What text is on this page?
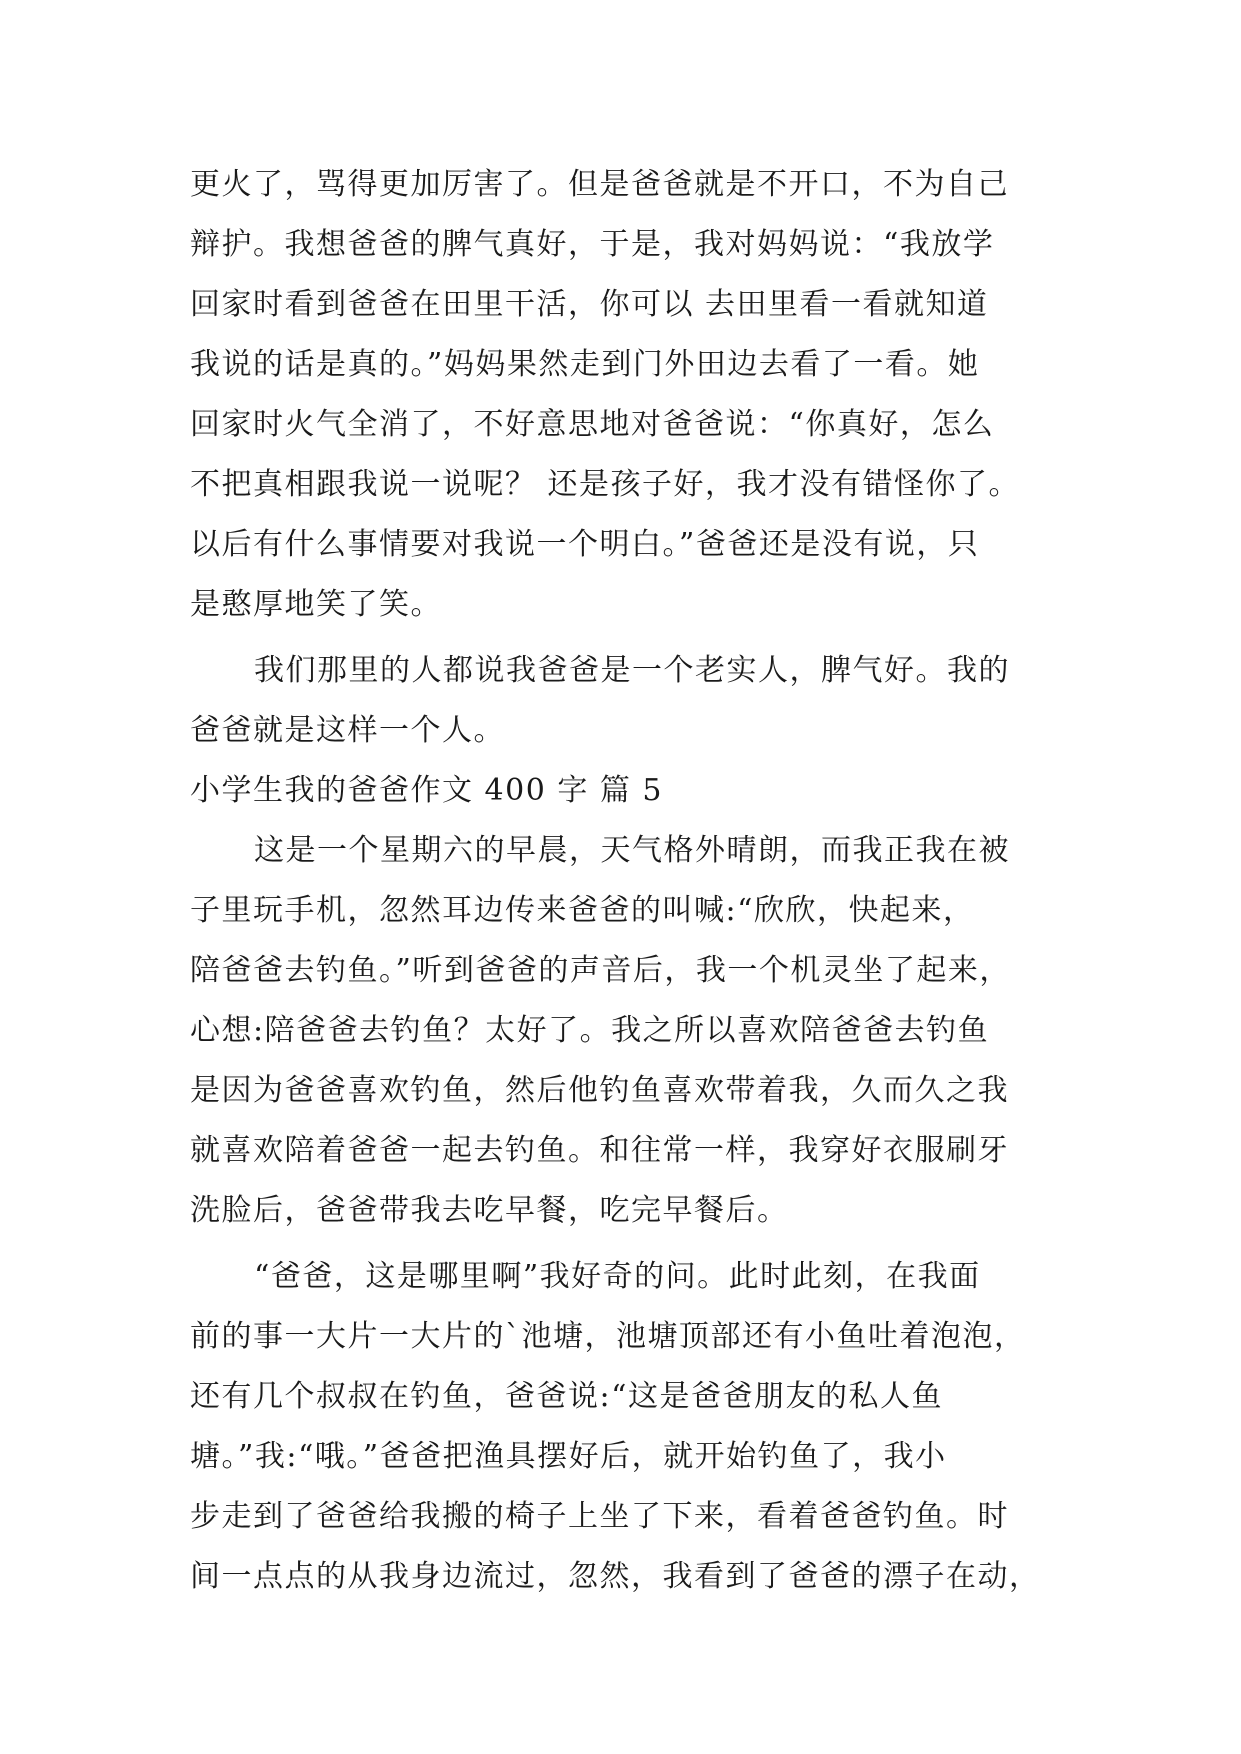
更火了，骂得更加厉害了。但是爸爸就是不开口，不为自己
辩护。我想爸爸的脾气真好，于是，我对妈妈说：“我放学
回家时看到爸爸在田里干活，你可以 去田里看一看就知道
我说的话是真的。”妈妈果然走到门外田边去看了一看。她
回家时火气全消了，不好意思地对爸爸说：“你真好，怎么
不把真相跟我说一说呢？ 还是孩子好，我才没有错怪你了。
以后有什么事情要对我说一个明白。”爸爸还是没有说，只
是憨厚地笑了笑。
我们那里的人都说我爸爸是一个老实人，脾气好。我的
爸爸就是这样一个人。
小学生我的爸爸作文 400 字 篇 5
这是一个星期六的早晨，天气格外晴朗，而我正我在被
子里玩手机，忽然耳边传来爸爸的叫喊:“欣欣，快起来，
陪爸爸去钓鱼。”听到爸爸的声音后，我一个机灵坐了起来，
心想:陪爸爸去钓鱼？太好了。我之所以喜欢陪爸爸去钓鱼
是因为爸爸喜欢钓鱼，然后他钓鱼喜欢带着我，久而久之我
就喜欢陪着爸爸一起去钓鱼。和往常一样，我穿好衣服刷牙
洗脸后，爸爸带我去吃早餐，吃完早餐后。
“爸爸，这是哪里啊”我好奇的问。此时此刻，在我面
前的事一大片一大片的`池塘，池塘顶部还有小鱼吐着泡泡，
还有几个叔叔在钓鱼，爸爸说:“这是爸爸朋友的私人鱼
塘。”我:“哦。”爸爸把渔具摆好后，就开始钓鱼了，我小
步走到了爸爸给我搬的椅子上坐了下来，看着爸爸钓鱼。时
间一点点的从我身边流过，忽然，我看到了爸爸的漂子在动，
